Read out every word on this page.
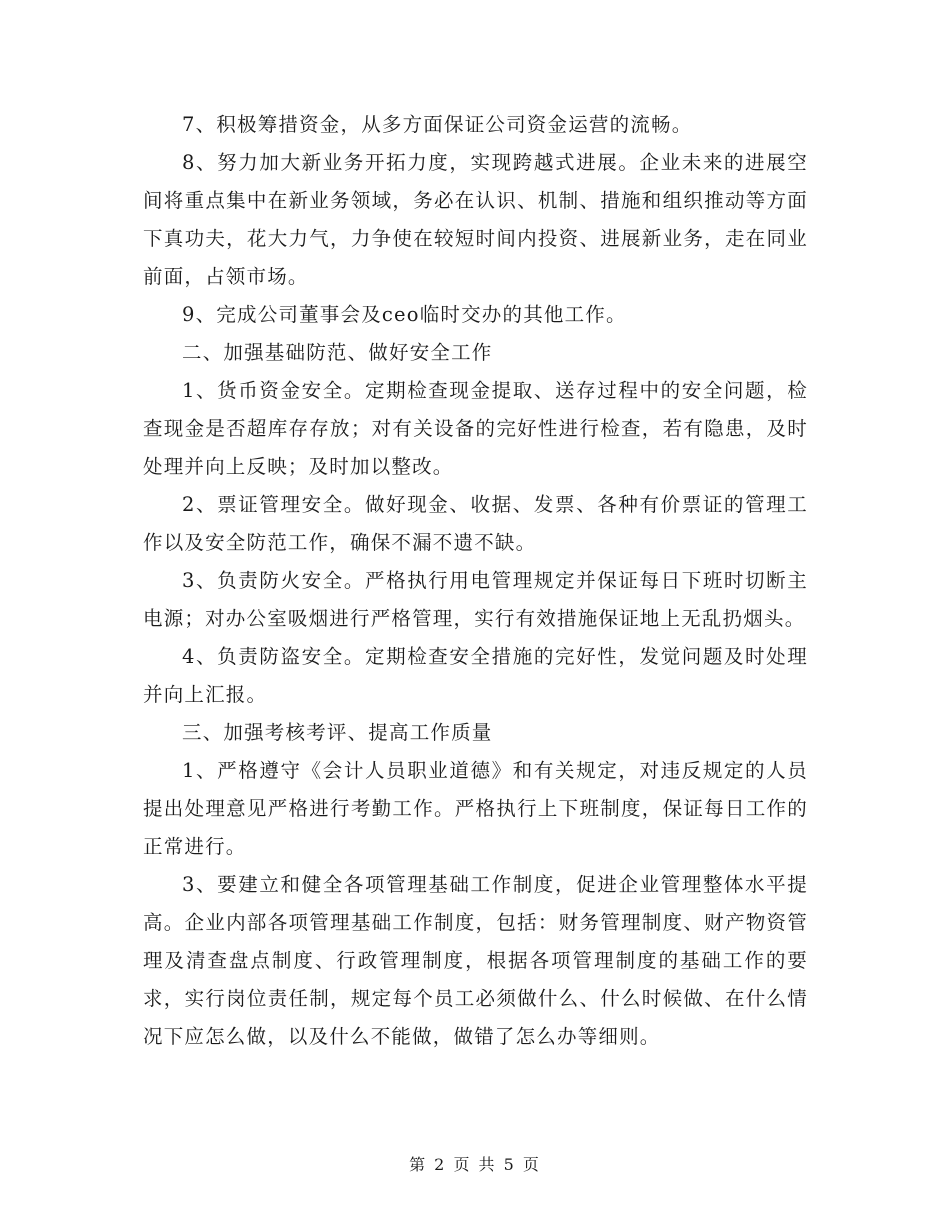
7、积极筹措资金，从多方面保证公司资金运营的流畅。

8、努力加大新业务开拓力度，实现跨越式进展。企业未来的进展空间将重点集中在新业务领域，务必在认识、机制、措施和组织推动等方面下真功夫，花大力气，力争使在较短时间内投资、进展新业务，走在同业前面，占领市场。

9、完成公司董事会及ceo临时交办的其他工作。

二、加强基础防范、做好安全工作

1、货币资金安全。定期检查现金提取、送存过程中的安全问题，检查现金是否超库存存放；对有关设备的完好性进行检查，若有隐患，及时处理并向上反映；及时加以整改。

2、票证管理安全。做好现金、收据、发票、各种有价票证的管理工作以及安全防范工作，确保不漏不遗不缺。

3、负责防火安全。严格执行用电管理规定并保证每日下班时切断主电源；对办公室吸烟进行严格管理，实行有效措施保证地上无乱扔烟头。

4、负责防盗安全。定期检查安全措施的完好性，发觉问题及时处理并向上汇报。

三、加强考核考评、提高工作质量

1、严格遵守《会计人员职业道德》和有关规定，对违反规定的人员提出处理意见严格进行考勤工作。严格执行上下班制度，保证每日工作的正常进行。

3、要建立和健全各项管理基础工作制度，促进企业管理整体水平提高。企业内部各项管理基础工作制度，包括：财务管理制度、财产物资管理及清查盘点制度、行政管理制度，根据各项管理制度的基础工作的要求，实行岗位责任制，规定每个员工必须做什么、什么时候做、在什么情况下应怎么做，以及什么不能做，做错了怎么办等细则。

第 2 页 共 5 页
